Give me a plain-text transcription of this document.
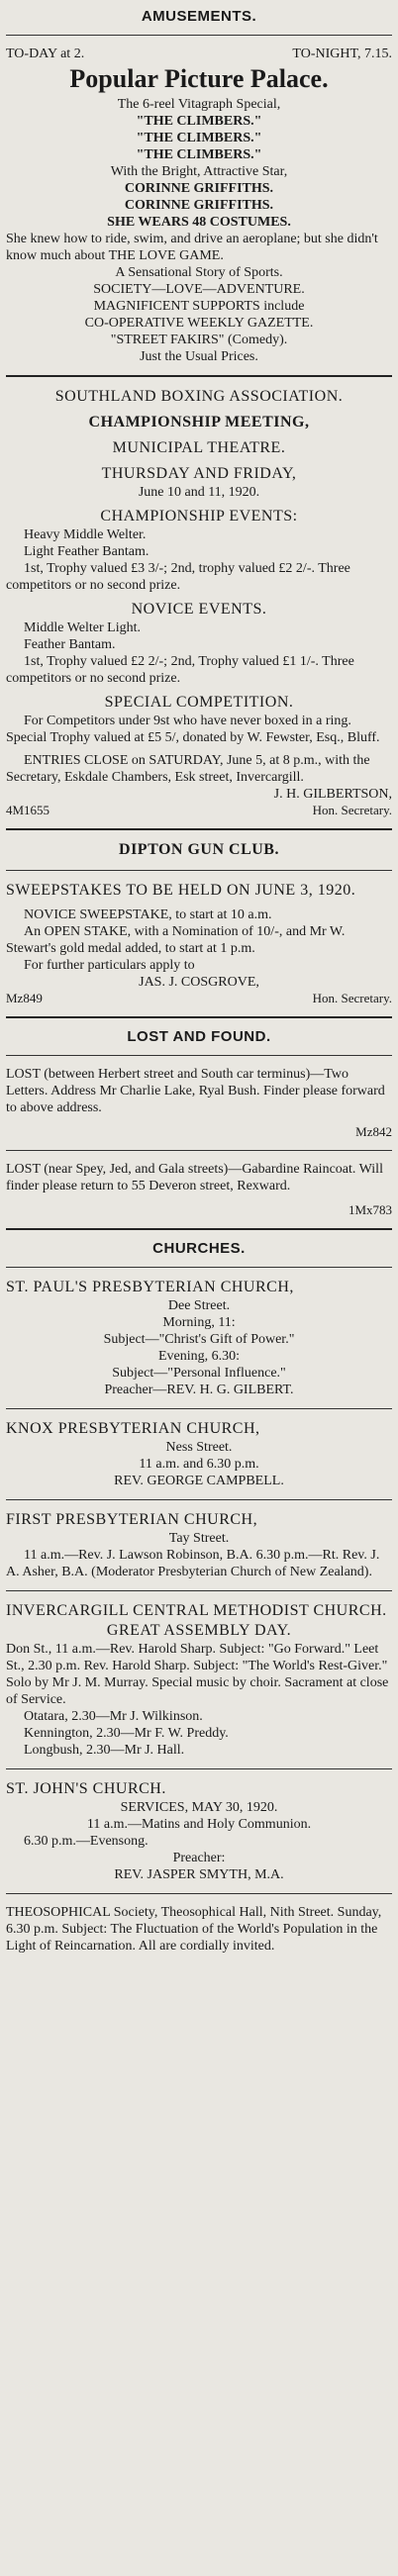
AMUSEMENTS.
TO-DAY at 2.	TO-NIGHT, 7.15.
Popular Picture Palace.

The 6-reel Vitagraph Special,

"THE CLIMBERS."

"THE CLIMBERS."

"THE CLIMBERS."

With the Bright, Attractive Star,

CORINNE GRIFFITHS.

CORINNE GRIFFITHS.

SHE WEARS 48 COSTUMES.

She knew how to ride, swim, and drive an aeroplane; but she didn't know much about THE LOVE GAME.

A Sensational Story of Sports.

SOCIETY—LOVE—ADVENTURE.

MAGNIFICENT SUPPORTS include

CO-OPERATIVE WEEKLY GAZETTE.

"STREET FAKIRS" (Comedy).

Just the Usual Prices.

SOUTHLAND BOXING ASSOCIATION.

CHAMPIONSHIP MEETING,

MUNICIPAL THEATRE.

THURSDAY AND FRIDAY,

June 10 and 11, 1920.

CHAMPIONSHIP EVENTS:

Heavy Middle Welter.

Light Feather Bantam.

1st, Trophy valued £3 3/-; 2nd, trophy valued £2 2/-. Three competitors or no second prize.

NOVICE EVENTS.

Middle Welter Light.

Feather Bantam.

1st, Trophy valued £2 2/-; 2nd, Trophy valued £1 1/-. Three competitors or no second prize.

SPECIAL COMPETITION.

For Competitors under 9st who have never boxed in a ring. Special Trophy valued at £5 5/, donated by W. Fewster, Esq., Bluff.

ENTRIES CLOSE on SATURDAY, June 5, at 8 p.m., with the Secretary, Eskdale Chambers, Esk street, Invercargill.

J. H. GILBERTSON,

4M1655	Hon. Secretary.

DIPTON GUN CLUB.

SWEEPSTAKES TO BE HELD ON JUNE 3, 1920.

NOVICE SWEEPSTAKE, to start at 10 a.m.

An OPEN STAKE, with a Nomination of 10/-, and Mr W. Stewart's gold medal added, to start at 1 p.m.

For further particulars apply to

JAS. J. COSGROVE,

Mz849	Hon. Secretary.
LOST AND FOUND.

LOST (between Herbert street and South car terminus)—Two Letters. Address Mr Charlie Lake, Ryal Bush. Finder please forward to above address.

Mz842

LOST (near Spey, Jed, and Gala streets)—Gabardine Raincoat. Will finder please return to 55 Deveron street, Rexward.

1Mx783

CHURCHES.

ST. PAUL'S PRESBYTERIAN CHURCH,

Dee Street.

Morning, 11:

Subject—"Christ's Gift of Power."

Evening, 6.30:

Subject—"Personal Influence."

Preacher—REV. H. G. GILBERT.

KNOX PRESBYTERIAN CHURCH,

Ness Street.

11 a.m. and 6.30 p.m.

REV. GEORGE CAMPBELL.

FIRST PRESBYTERIAN CHURCH,

Tay Street.

11 a.m.—Rev. J. Lawson Robinson, B.A. 6.30 p.m.—Rt. Rev. J. A. Asher, B.A. (Moderator Presbyterian Church of New Zealand).

INVERCARGILL CENTRAL METHODIST CHURCH.

GREAT ASSEMBLY DAY.

Don St., 11 a.m.—Rev. Harold Sharp. Subject: "Go Forward." Leet St., 2.30 p.m. Rev. Harold Sharp. Subject: "The World's Rest-Giver." Solo by Mr J. M. Murray. Special music by choir. Sacrament at close of Service.

Otatara, 2.30—Mr J. Wilkinson.

Kennington, 2.30—Mr F. W. Preddy.

Longbush, 2.30—Mr J. Hall.

ST. JOHN'S CHURCH.

SERVICES, MAY 30, 1920.

11 a.m.—Matins and Holy Communion.

6.30 p.m.—Evensong.

Preacher:

REV. JASPER SMYTH, M.A.

THEOSOPHICAL Society, Theosophical Hall, Nith Street. Sunday, 6.30 p.m. Subject: The Fluctuation of the World's Population in the Light of Reincarnation. All are cordially invited.
